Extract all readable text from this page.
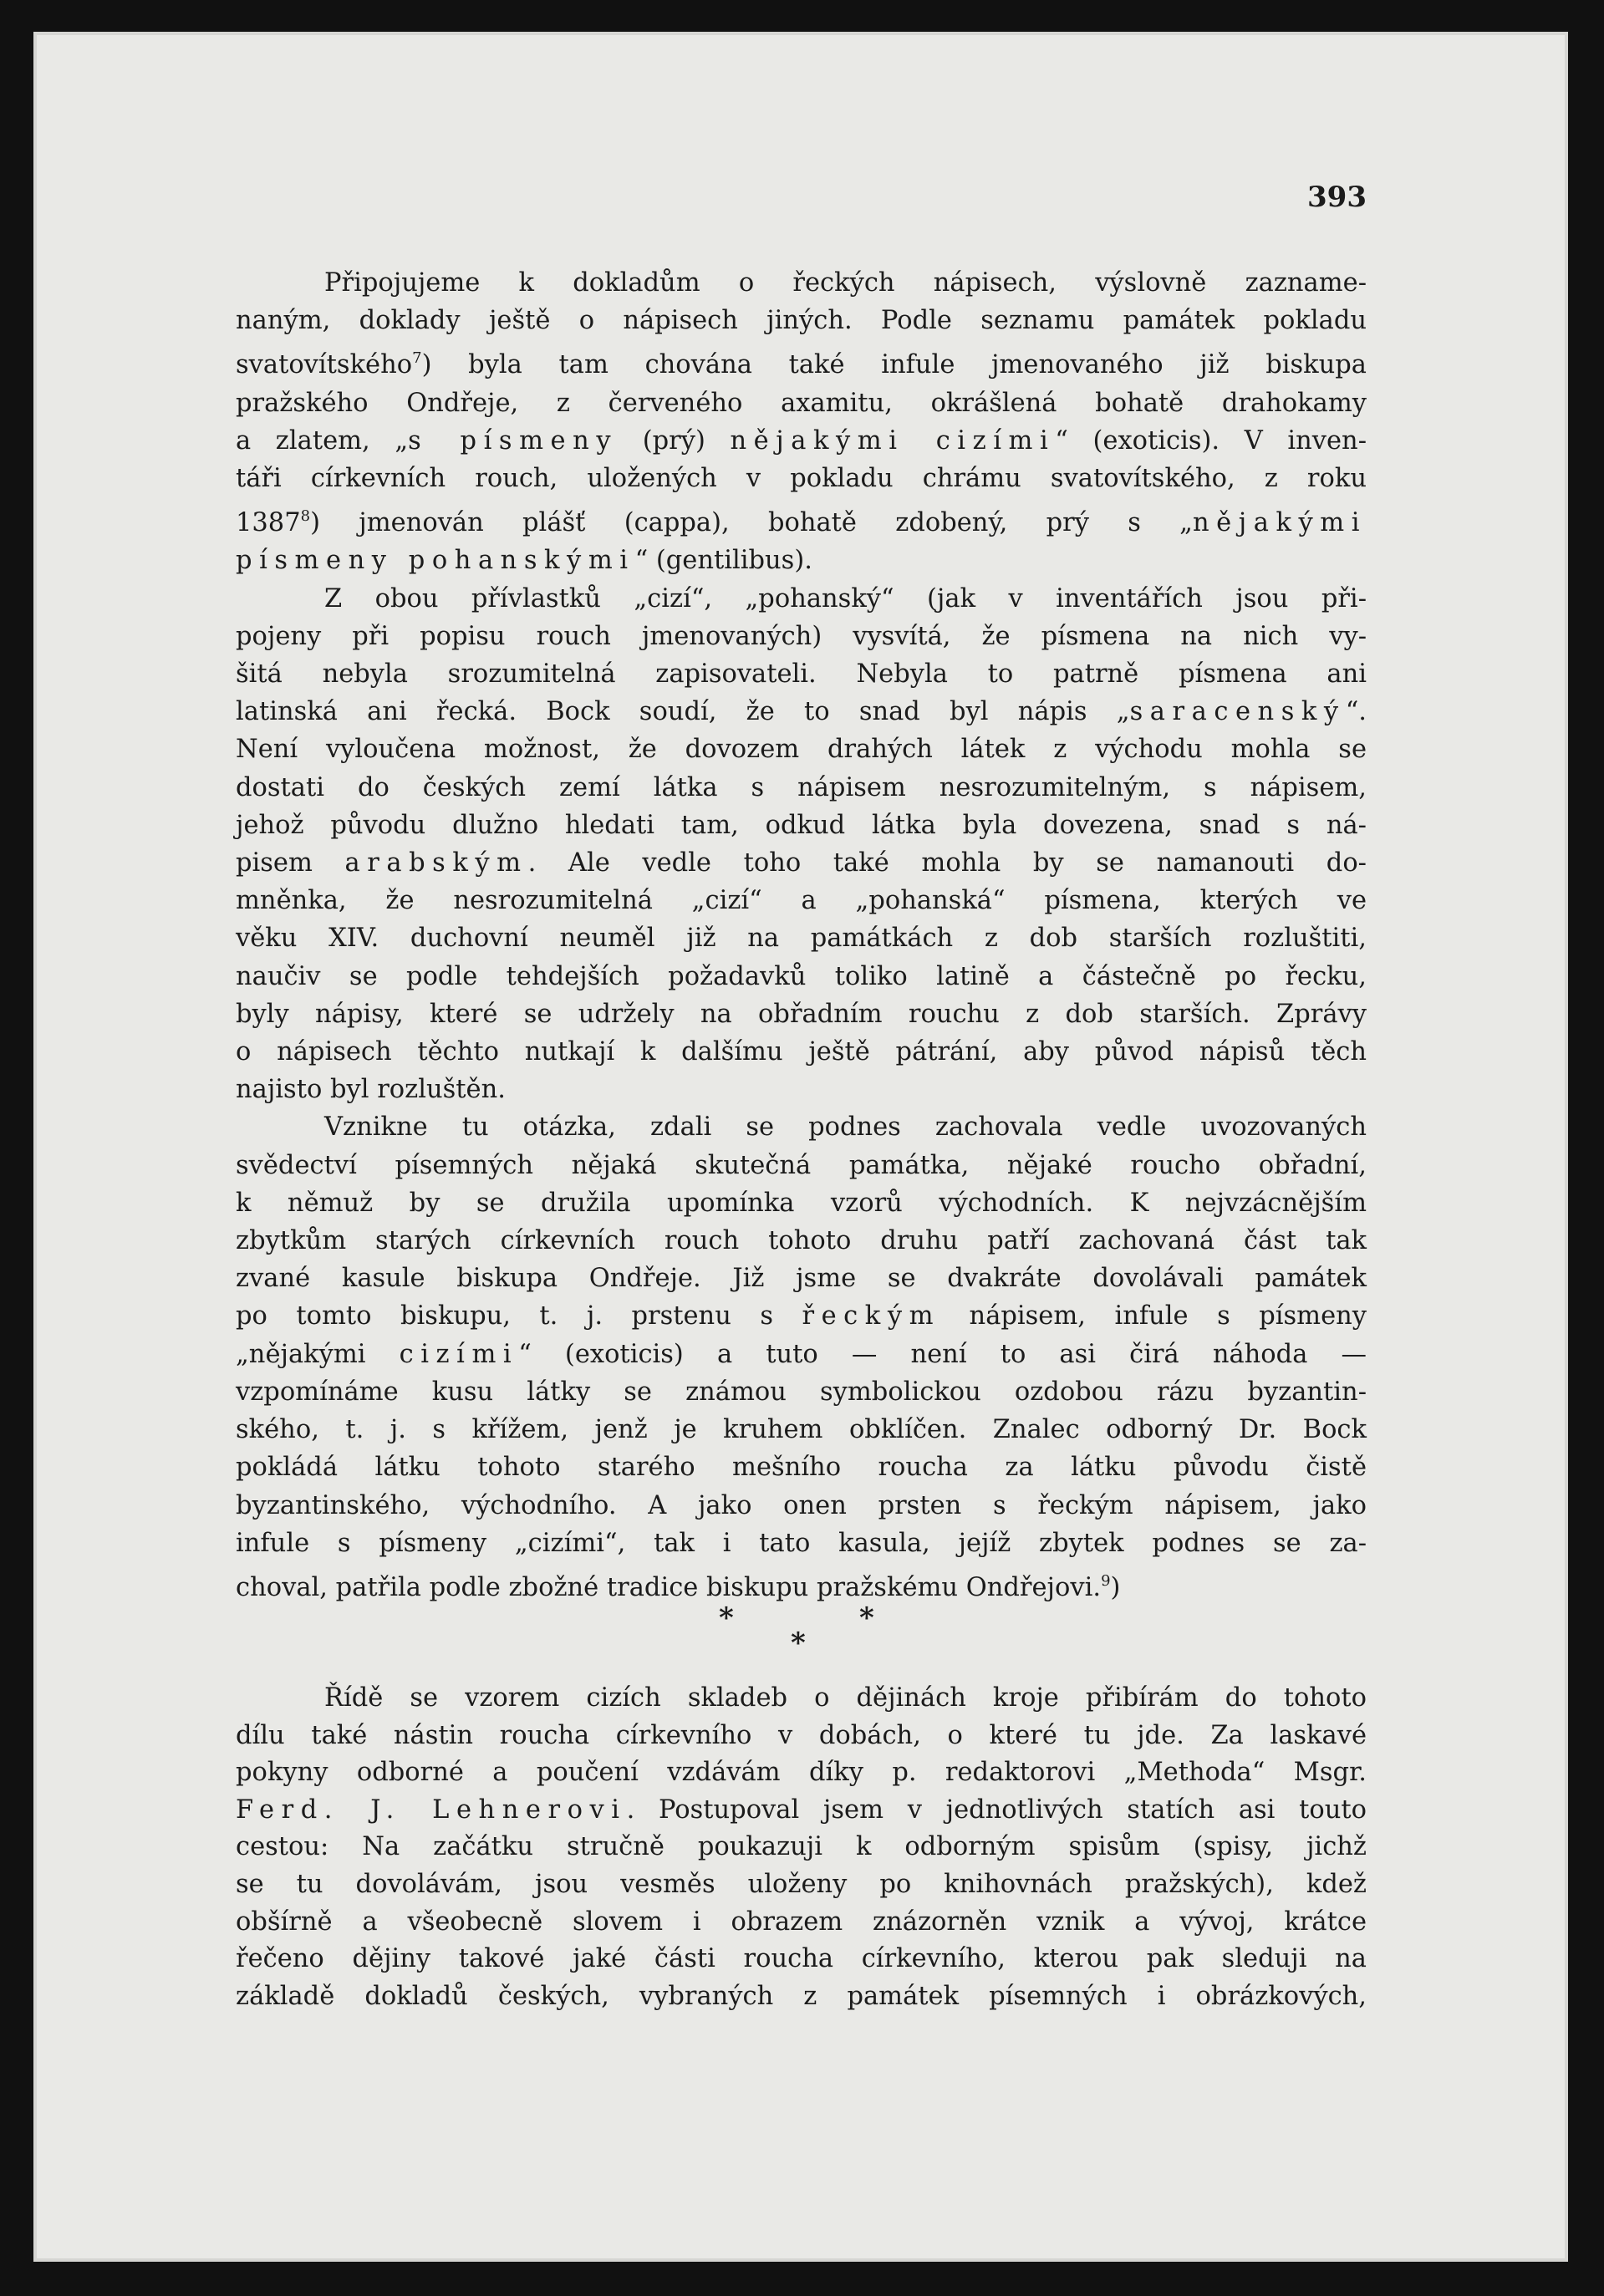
393
Připojujeme k dokladům o řeckých nápisech, výslovně zazname-
naným, doklady ještě o nápisech jiných. Podle seznamu památek pokladu
svatovítského$^7$) byla tam chována také infule jmenovaného již biskupa
pražského Ondřeje, z červeného axamitu, okrášlená bohatě drahokamy
a zlatem, „s písmeny (prý) nějakými cizími“ (exoticis). V inven-
táři církevních rouch, uložených v pokladu chrámu svatovítského, z roku
1387$^8$) jmenován plášť (cappa), bohatě zdobený, prý s „nějakými
písmeny pohanskými“ (gentilibus).
Z obou přívlastků „cizí“, „pohanský“ (jak v inventářích jsou při-
pojeny při popisu rouch jmenovaných) vysvítá, že písmena na nich vy-
šitá nebyla srozumitelná zapisovateli. Nebyla to patrně písmena ani
latinská ani řecká. Bock soudí, že to snad byl nápis „saracenský“.
Není vyloučena možnost, že dovozem drahých látek z východu mohla se
dostati do českých zemí látka s nápisem nesrozumitelným, s nápisem,
jehož původu dlužno hledati tam, odkud látka byla dovezena, snad s ná-
pisem arabským. Ale vedle toho také mohla by se namanouti do-
mněnka, že nesrozumitelná „cizí“ a „pohanská“ písmena, kterých ve
věku XIV. duchovní neuměl již na památkách z dob starších rozluštiti,
naučiv se podle tehdejších požadavků toliko latině a částečně po řecku,
byly nápisy, které se udržely na obřadním rouchu z dob starších. Zprávy
o nápisech těchto nutkají k dalšímu ještě pátrání, aby původ nápisů těch
najisto byl rozluštěn.
Vznikne tu otázka, zdali se podnes zachovala vedle uvozovaných
svědectví písemných nějaká skutečná památka, nějaké roucho obřadní,
k němuž by se družila upomínka vzorů východních. K nejvzácnějším
zbytkům starých církevních rouch tohoto druhu patří zachovaná část tak
zvané kasule biskupa Ondřeje. Již jsme se dvakráte dovolávali památek
po tomto biskupu, t. j. prstenu s řeckým nápisem, infule s písmeny
„nějakými cizími“ (exoticis) a tuto — není to asi čirá náhoda —
vzpomínáme kusu látky se známou symbolickou ozdobou rázu byzantin-
ského, t. j. s křížem, jenž je kruhem obklíčen. Znalec odborný Dr. Bock
pokládá látku tohoto starého mešního roucha za látku původu čistě
byzantinského, východního. A jako onen prsten s řeckým nápisem, jako
infule s písmeny „cizími“, tak i tato kasula, jejíž zbytek podnes se za-
choval, patřila podle zbožné tradice biskupu pražskému Ondřejovi.$^9$)
*	*
*
Řídě se vzorem cizích skladeb o dějinách kroje přibírám do tohoto
dílu také nástin roucha církevního v dobách, o které tu jde. Za laskavé
pokyny odborné a poučení vzdávám díky p. redaktorovi „Methoda“ Msgr.
Ferd. J. Lehnerovi. Postupoval jsem v jednotlivých statích asi touto
cestou: Na začátku stručně poukazuji k odborným spisům (spisy, jichž
se tu dovolávám, jsou vesměs uloženy po knihovnách pražských), kdež
obšírně a všeobecně slovem i obrazem znázorněn vznik a vývoj, krátce
řečeno dějiny takové jaké části roucha církevního, kterou pak sleduji na
základě dokladů českých, vybraných z památek písemných i obrázkových,
